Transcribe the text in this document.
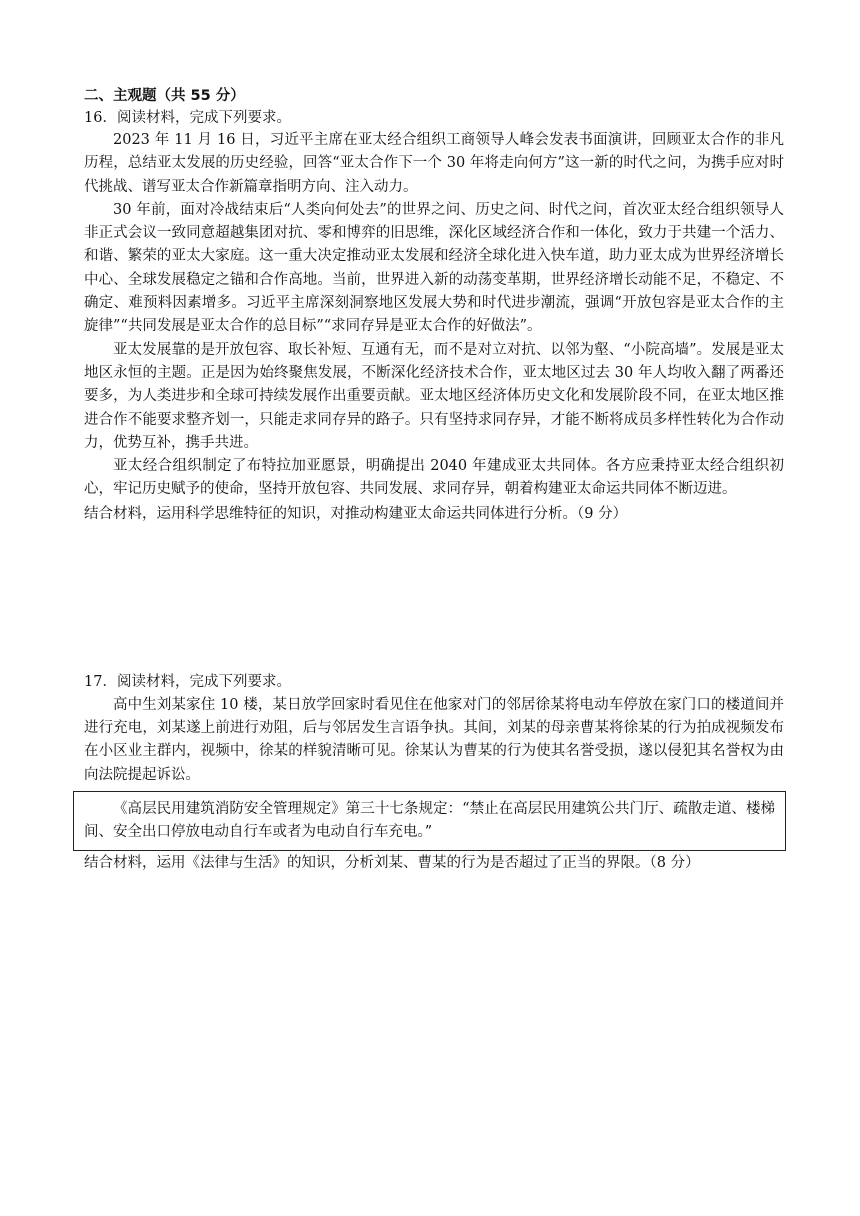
二、主观题（共 55 分）

16．阅读材料，完成下列要求。

2023 年 11 月 16 日，习近平主席在亚太经合组织工商领导人峰会发表书面演讲，回顾亚太合作的非凡历程，总结亚太发展的历史经验，回答“亚太合作下一个 30 年将走向何方”这一新的时代之问，为携手应对时代挑战、谱写亚太合作新篇章指明方向、注入动力。

30 年前，面对冷战结束后“人类向何处去”的世界之问、历史之问、时代之问，首次亚太经合组织领导人非正式会议一致同意超越集团对抗、零和博弈的旧思维，深化区域经济合作和一体化，致力于共建一个活力、和谐、繁荣的亚太大家庭。这一重大决定推动亚太发展和经济全球化进入快车道，助力亚太成为世界经济增长中心、全球发展稳定之锚和合作高地。当前，世界进入新的动荡变革期，世界经济增长动能不足，不稳定、不确定、难预料因素增多。习近平主席深刻洞察地区发展大势和时代进步潮流，强调“开放包容是亚太合作的主旋律”“共同发展是亚太合作的总目标”“求同存异是亚太合作的好做法”。

亚太发展靠的是开放包容、取长补短、互通有无，而不是对立对抗、以邻为壑、“小院高墙”。发展是亚太地区永恒的主题。正是因为始终聚焦发展，不断深化经济技术合作，亚太地区过去 30 年人均收入翻了两番还要多，为人类进步和全球可持续发展作出重要贡献。亚太地区经济体历史文化和发展阶段不同，在亚太地区推进合作不能要求整齐划一，只能走求同存异的路子。只有坚持求同存异，才能不断将成员多样性转化为合作动力，优势互补，携手共进。

亚太经合组织制定了布特拉加亚愿景，明确提出 2040 年建成亚太共同体。各方应秉持亚太经合组织初心，牢记历史赋予的使命，坚持开放包容、共同发展、求同存异，朝着构建亚太命运共同体不断迈进。

结合材料，运用科学思维特征的知识，对推动构建亚太命运共同体进行分析。（9 分）

17．阅读材料，完成下列要求。

高中生刘某家住 10 楼，某日放学回家时看见住在他家对门的邻居徐某将电动车停放在家门口的楼道间并进行充电，刘某遂上前进行劝阻，后与邻居发生言语争执。其间，刘某的母亲曹某将徐某的行为拍成视频发布在小区业主群内，视频中，徐某的样貌清晰可见。徐某认为曹某的行为使其名誉受损，遂以侵犯其名誉权为由向法院提起诉讼。

《高层民用建筑消防安全管理规定》第三十七条规定：“禁止在高层民用建筑公共门厅、疏散走道、楼梯间、安全出口停放电动自行车或者为电动自行车充电。”

结合材料，运用《法律与生活》的知识，分析刘某、曹某的行为是否超过了正当的界限。（8 分）
